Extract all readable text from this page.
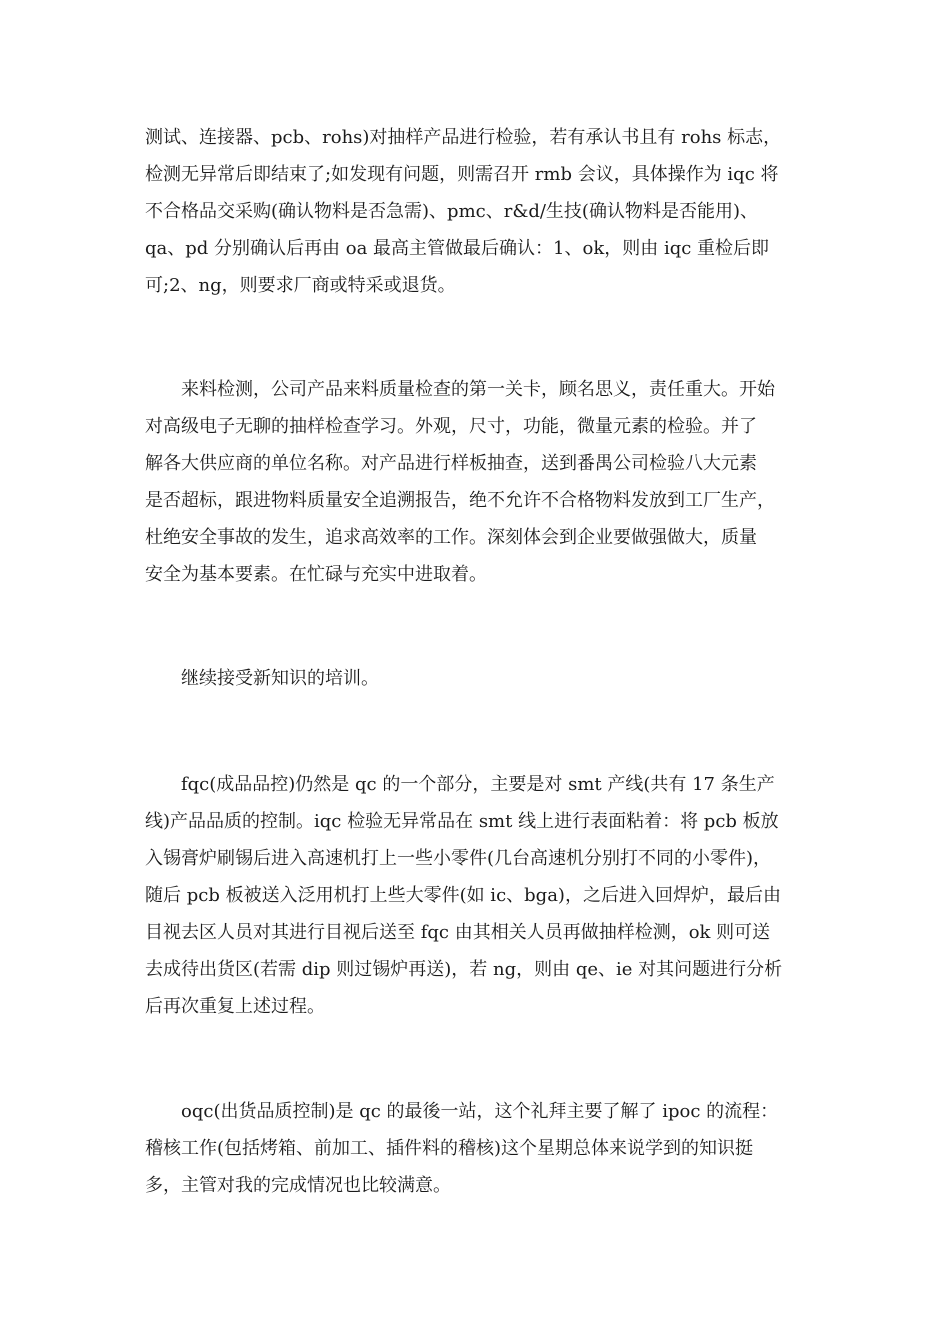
测试、连接器、pcb、rohs)对抽样产品进行检验，若有承认书且有 rohs 标志，
检测无异常后即结束了;如发现有问题，则需召开 rmb 会议，具体操作为 iqc 将
不合格品交采购(确认物料是否急需)、pmc、r&d/生技(确认物料是否能用)、
qa、pd 分别确认后再由 oa 最高主管做最后确认：1、ok，则由 iqc 重检后即
可;2、ng，则要求厂商或特采或退货。
来料检测，公司产品来料质量检查的第一关卡，顾名思义，责任重大。开始
对高级电子无聊的抽样检查学习。外观，尺寸，功能，微量元素的检验。并了
解各大供应商的单位名称。对产品进行样板抽查，送到番禺公司检验八大元素
是否超标，跟进物料质量安全追溯报告，绝不允许不合格物料发放到工厂生产，
杜绝安全事故的发生，追求高效率的工作。深刻体会到企业要做强做大，质量
安全为基本要素。在忙碌与充实中进取着。
继续接受新知识的培训。
fqc(成品品控)仍然是 qc 的一个部分，主要是对 smt 产线(共有 17 条生产
线)产品品质的控制。iqc 检验无异常品在 smt 线上进行表面粘着：将 pcb 板放
入锡膏炉刷锡后进入高速机打上一些小零件(几台高速机分别打不同的小零件)，
随后 pcb 板被送入泛用机打上些大零件(如 ic、bga)，之后进入回焊炉，最后由
目视去区人员对其进行目视后送至 fqc 由其相关人员再做抽样检测，ok 则可送
去成待出货区(若需 dip 则过锡炉再送)，若 ng，则由 qe、ie 对其问题进行分析
后再次重复上述过程。
oqc(出货品质控制)是 qc 的最後一站，这个礼拜主要了解了 ipoc 的流程：
稽核工作(包括烤箱、前加工、插件料的稽核)这个星期总体来说学到的知识挺
多，主管对我的完成情况也比较满意。
